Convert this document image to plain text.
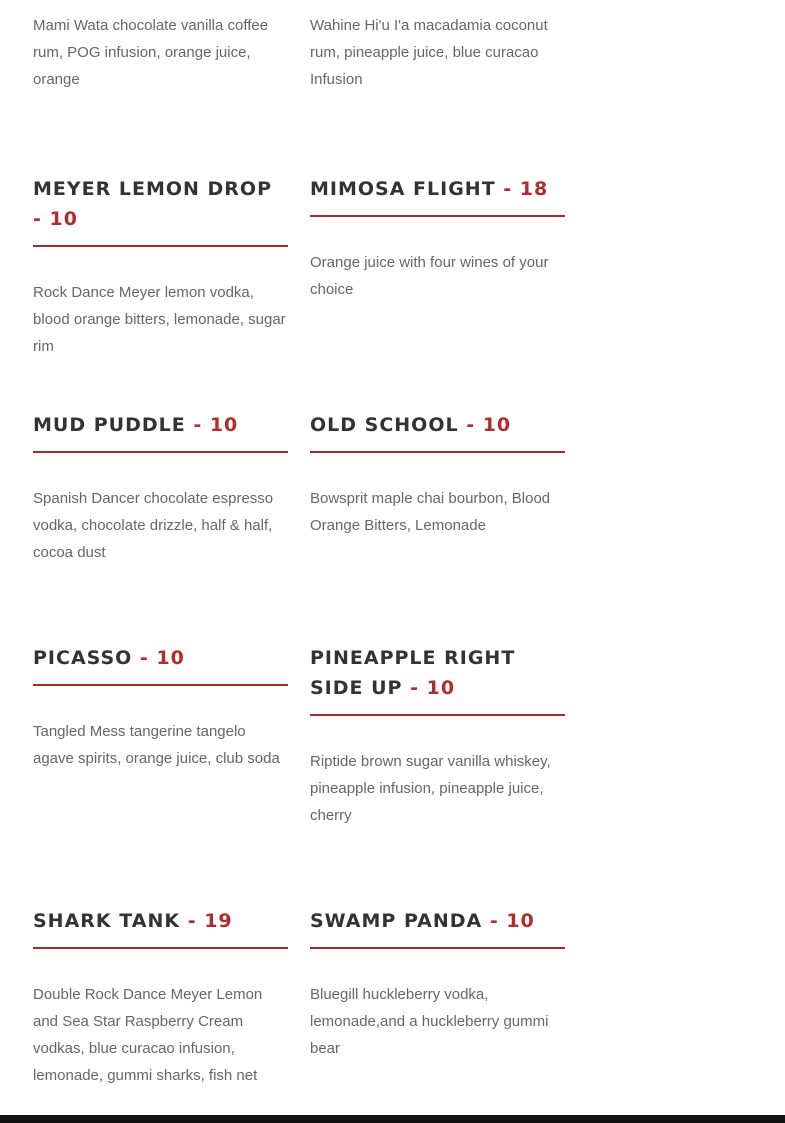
Mami Wata chocolate vanilla coffee rum, POG infusion, orange juice, orange

Wahine Hi'u I'a macadamia coconut rum, pineapple juice, blue curacao Infusion

MEYER LEMON DROP - 10

Rock Dance Meyer lemon vodka, blood orange bitters, lemonade, sugar rim

MIMOSA FLIGHT - 18

Orange juice with four wines of your choice

MUD PUDDLE - 10

Spanish Dancer chocolate espresso vodka, chocolate drizzle, half & half, cocoa dust

OLD SCHOOL - 10

Bowsprit maple chai bourbon, Blood Orange Bitters, Lemonade

PICASSO - 10

Tangled Mess tangerine tangelo agave spirits, orange juice, club soda

PINEAPPLE RIGHT SIDE UP - 10

Riptide brown sugar vanilla whiskey, pineapple infusion, pineapple juice, cherry

SHARK TANK - 19

Double Rock Dance Meyer Lemon and Sea Star Raspberry Cream vodkas, blue curacao infusion, lemonade, gummi sharks, fish net

SWAMP PANDA - 10

Bluegill huckleberry vodka, lemonade,and a huckleberry gummi bear
